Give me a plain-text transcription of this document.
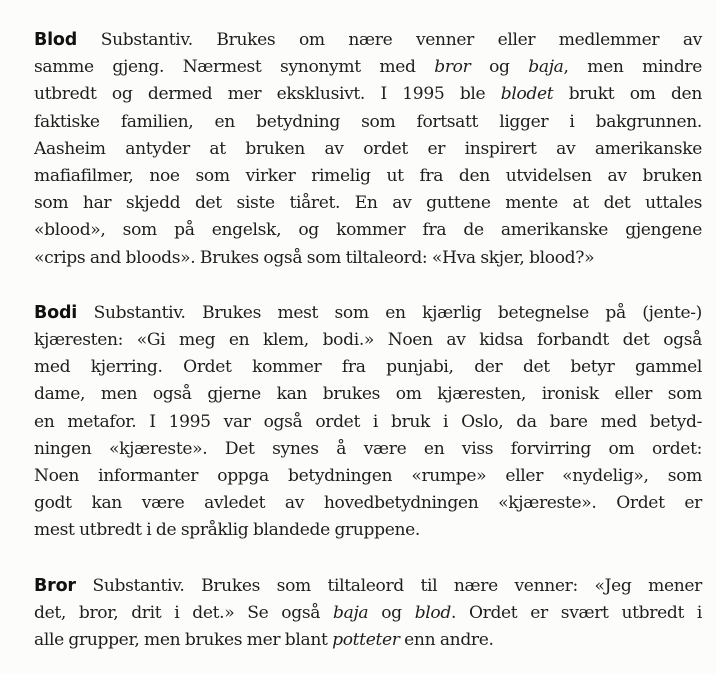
Blod Substantiv. Brukes om nære venner eller medlemmer av
samme gjeng. Nærmest synonymt med bror og baja, men mindre
utbredt og dermed mer eksklusivt. I 1995 ble blodet brukt om den
faktiske familien, en betydning som fortsatt ligger i bakgrunnen.
Aasheim antyder at bruken av ordet er inspirert av amerikanske
mafiafilmer, noe som virker rimelig ut fra den utvidelsen av bruken
som har skjedd det siste tiåret. En av guttene mente at det uttales
«blood», som på engelsk, og kommer fra de amerikanske gjengene
«crips and bloods». Brukes også som tiltaleord: «Hva skjer, blood?»

Bodi Substantiv. Brukes mest som en kjærlig betegnelse på (jente-)
kjæresten: «Gi meg en klem, bodi.» Noen av kidsa forbandt det også
med kjerring. Ordet kommer fra punjabi, der det betyr gammel
dame, men også gjerne kan brukes om kjæresten, ironisk eller som
en metafor. I 1995 var også ordet i bruk i Oslo, da bare med betyd-
ningen «kjæreste». Det synes å være en viss forvirring om ordet:
Noen informanter oppga betydningen «rumpe» eller «nydelig», som
godt kan være avledet av hovedbetydningen «kjæreste». Ordet er
mest utbredt i de språklig blandede gruppene.

Bror Substantiv. Brukes som tiltaleord til nære venner: «Jeg mener
det, bror, drit i det.» Se også baja og blod. Ordet er svært utbredt i
alle grupper, men brukes mer blant potteter enn andre.
